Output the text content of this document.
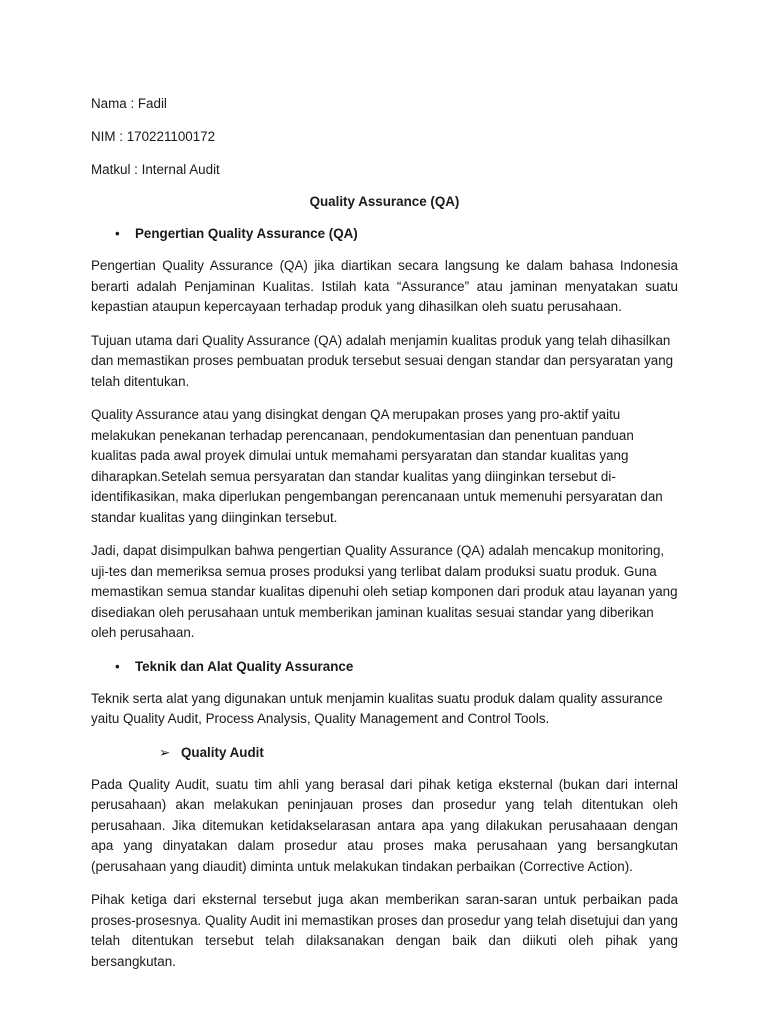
Nama : Fadil

NIM : 170221100172

Matkul : Internal Audit

Quality Assurance (QA)

• Pengertian Quality Assurance (QA)

Pengertian Quality Assurance (QA) jika diartikan secara langsung ke dalam bahasa Indonesia berarti adalah Penjaminan Kualitas. Istilah kata “Assurance” atau jaminan menyatakan suatu kepastian ataupun kepercayaan terhadap produk yang dihasilkan oleh suatu perusahaan.

Tujuan utama dari Quality Assurance (QA) adalah menjamin kualitas produk yang telah dihasilkan dan memastikan proses pembuatan produk tersebut sesuai dengan standar dan persyaratan yang telah ditentukan.

Quality Assurance atau yang disingkat dengan QA merupakan proses yang pro-aktif yaitu melakukan penekanan terhadap perencanaan, pendokumentasian dan penentuan panduan kualitas pada awal proyek dimulai untuk memahami persyaratan dan standar kualitas yang diharapkan.Setelah semua persyaratan dan standar kualitas yang diinginkan tersebut di-identifikasikan, maka diperlukan pengembangan perencanaan untuk memenuhi persyaratan dan standar kualitas yang diinginkan tersebut.

Jadi, dapat disimpulkan bahwa pengertian Quality Assurance (QA) adalah mencakup monitoring, uji-tes dan memeriksa semua proses produksi yang terlibat dalam produksi suatu produk. Guna memastikan semua standar kualitas dipenuhi oleh setiap komponen dari produk atau layanan yang disediakan oleh perusahaan untuk memberikan jaminan kualitas sesuai standar yang diberikan oleh perusahaan.

• Teknik dan Alat Quality Assurance

Teknik serta alat yang digunakan untuk menjamin kualitas suatu produk dalam quality assurance yaitu Quality Audit, Process Analysis, Quality Management and Control Tools.

➢ Quality Audit

Pada Quality Audit, suatu tim ahli yang berasal dari pihak ketiga eksternal (bukan dari internal perusahaan) akan melakukan peninjauan proses dan prosedur yang telah ditentukan oleh perusahaan. Jika ditemukan ketidakselarasan antara apa yang dilakukan perusahaaan dengan apa yang dinyatakan dalam prosedur atau proses maka perusahaan yang bersangkutan (perusahaan yang diaudit) diminta untuk melakukan tindakan perbaikan (Corrective Action).

Pihak ketiga dari eksternal tersebut juga akan memberikan saran-saran untuk perbaikan pada proses-prosesnya. Quality Audit ini memastikan proses dan prosedur yang telah disetujui dan yang telah ditentukan tersebut telah dilaksanakan dengan baik dan diikuti oleh pihak yang bersangkutan.
